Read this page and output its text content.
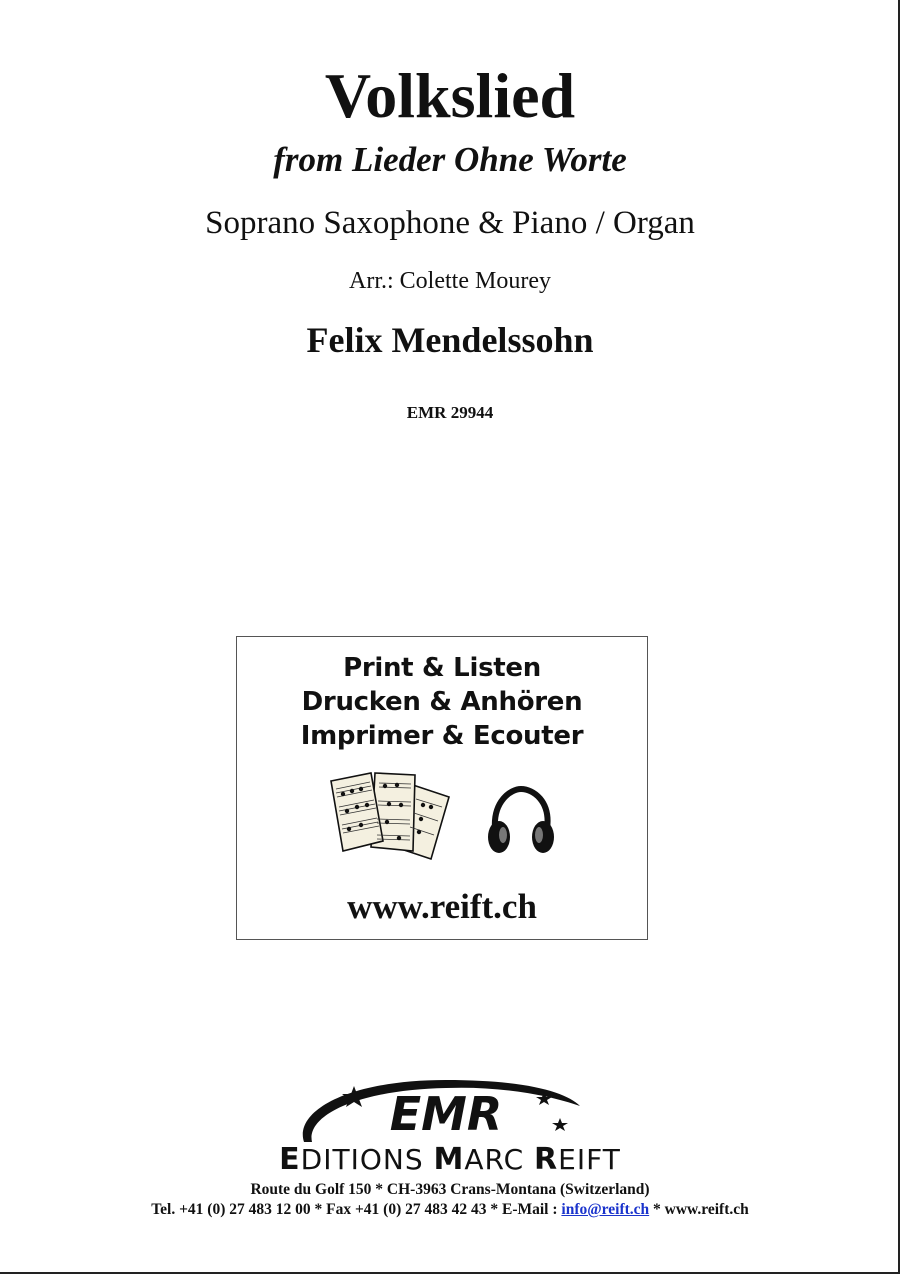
Volkslied
from Lieder Ohne Worte
Soprano Saxophone & Piano / Organ
Arr.: Colette Mourey
Felix Mendelssohn
EMR 29944
Print & Listen
Drucken & Anhören
Imprimer & Ecouter
www.reift.ch
EMR
EDITIONS MARC REIFT
Route du Golf 150 * CH-3963 Crans-Montana (Switzerland)
Tel. +41 (0) 27 483 12 00 * Fax +41 (0) 27 483 42 43 * E-Mail : info@reift.ch * www.reift.ch
